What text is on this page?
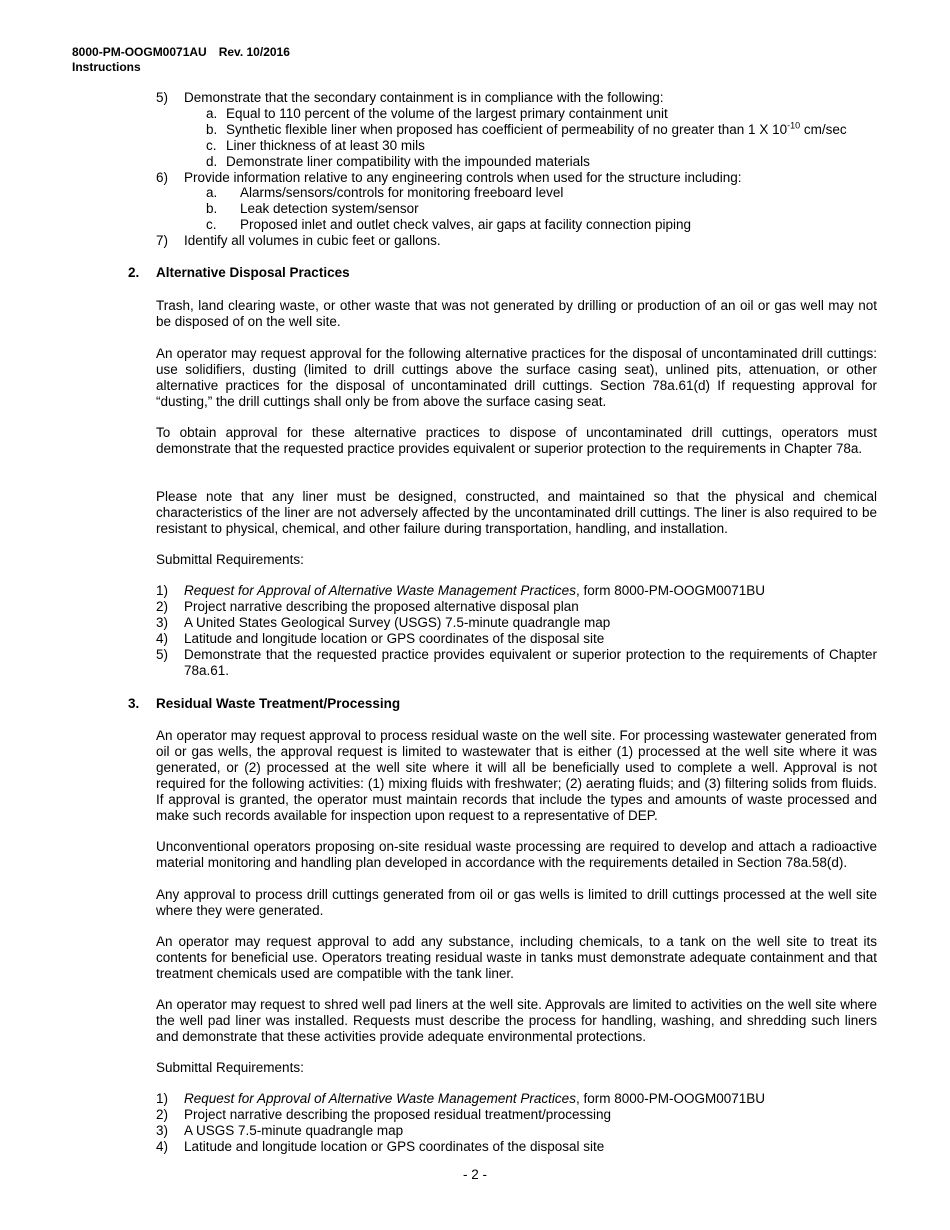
8000-PM-OOGM0071AU Rev. 10/2016
Instructions
5) Demonstrate that the secondary containment is in compliance with the following:
a. Equal to 110 percent of the volume of the largest primary containment unit
b. Synthetic flexible liner when proposed has coefficient of permeability of no greater than 1 X $10^{-10}$ cm/sec
c. Liner thickness of at least 30 mils
d. Demonstrate liner compatibility with the impounded materials
6) Provide information relative to any engineering controls when used for the structure including:
a. Alarms/sensors/controls for monitoring freeboard level
b. Leak detection system/sensor
c. Proposed inlet and outlet check valves, air gaps at facility connection piping
7) Identify all volumes in cubic feet or gallons.
2. Alternative Disposal Practices
Trash, land clearing waste, or other waste that was not generated by drilling or production of an oil or gas well may not be disposed of on the well site.
An operator may request approval for the following alternative practices for the disposal of uncontaminated drill cuttings: use solidifiers, dusting (limited to drill cuttings above the surface casing seat), unlined pits, attenuation, or other alternative practices for the disposal of uncontaminated drill cuttings. Section 78a.61(d) If requesting approval for “dusting,” the drill cuttings shall only be from above the surface casing seat.
To obtain approval for these alternative practices to dispose of uncontaminated drill cuttings, operators must demonstrate that the requested practice provides equivalent or superior protection to the requirements in Chapter 78a.
Please note that any liner must be designed, constructed, and maintained so that the physical and chemical characteristics of the liner are not adversely affected by the uncontaminated drill cuttings. The liner is also required to be resistant to physical, chemical, and other failure during transportation, handling, and installation.
Submittal Requirements:
1) Request for Approval of Alternative Waste Management Practices, form 8000-PM-OOGM0071BU
2) Project narrative describing the proposed alternative disposal plan
3) A United States Geological Survey (USGS) 7.5-minute quadrangle map
4) Latitude and longitude location or GPS coordinates of the disposal site
5) Demonstrate that the requested practice provides equivalent or superior protection to the requirements of Chapter 78a.61.
3. Residual Waste Treatment/Processing
An operator may request approval to process residual waste on the well site. For processing wastewater generated from oil or gas wells, the approval request is limited to wastewater that is either (1) processed at the well site where it was generated, or (2) processed at the well site where it will all be beneficially used to complete a well. Approval is not required for the following activities: (1) mixing fluids with freshwater; (2) aerating fluids; and (3) filtering solids from fluids. If approval is granted, the operator must maintain records that include the types and amounts of waste processed and make such records available for inspection upon request to a representative of DEP.
Unconventional operators proposing on-site residual waste processing are required to develop and attach a radioactive material monitoring and handling plan developed in accordance with the requirements detailed in Section 78a.58(d).
Any approval to process drill cuttings generated from oil or gas wells is limited to drill cuttings processed at the well site where they were generated.
An operator may request approval to add any substance, including chemicals, to a tank on the well site to treat its contents for beneficial use. Operators treating residual waste in tanks must demonstrate adequate containment and that treatment chemicals used are compatible with the tank liner.
An operator may request to shred well pad liners at the well site. Approvals are limited to activities on the well site where the well pad liner was installed. Requests must describe the process for handling, washing, and shredding such liners and demonstrate that these activities provide adequate environmental protections.
Submittal Requirements:
1) Request for Approval of Alternative Waste Management Practices, form 8000-PM-OOGM0071BU
2) Project narrative describing the proposed residual treatment/processing
3) A USGS 7.5-minute quadrangle map
4) Latitude and longitude location or GPS coordinates of the disposal site
- 2 -
